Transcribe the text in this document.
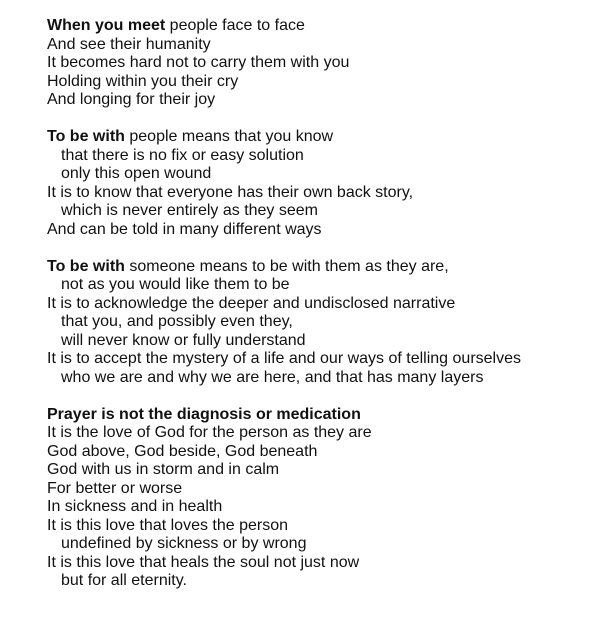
When you meet people face to face
And see their humanity
It becomes hard not to carry them with you
Holding within you their cry
And longing for their joy
To be with people means that you know
that there is no fix or easy solution
only this open wound
It is to know that everyone has their own back story,
which is never entirely as they seem
And can be told in many different ways
To be with someone means to be with them as they are,
not as you would like them to be
It is to acknowledge the deeper and undisclosed narrative
that you, and possibly even they,
will never know or fully understand
It is to accept the mystery of a life and our ways of telling ourselves
who we are and why we are here, and that has many layers
Prayer is not the diagnosis or medication
It is the love of God for the person as they are
God above, God beside, God beneath
God with us in storm and in calm
For better or worse
In sickness and in health
It is this love that loves the person
undefined by sickness or by wrong
It is this love that heals the soul not just now
but for all eternity.
